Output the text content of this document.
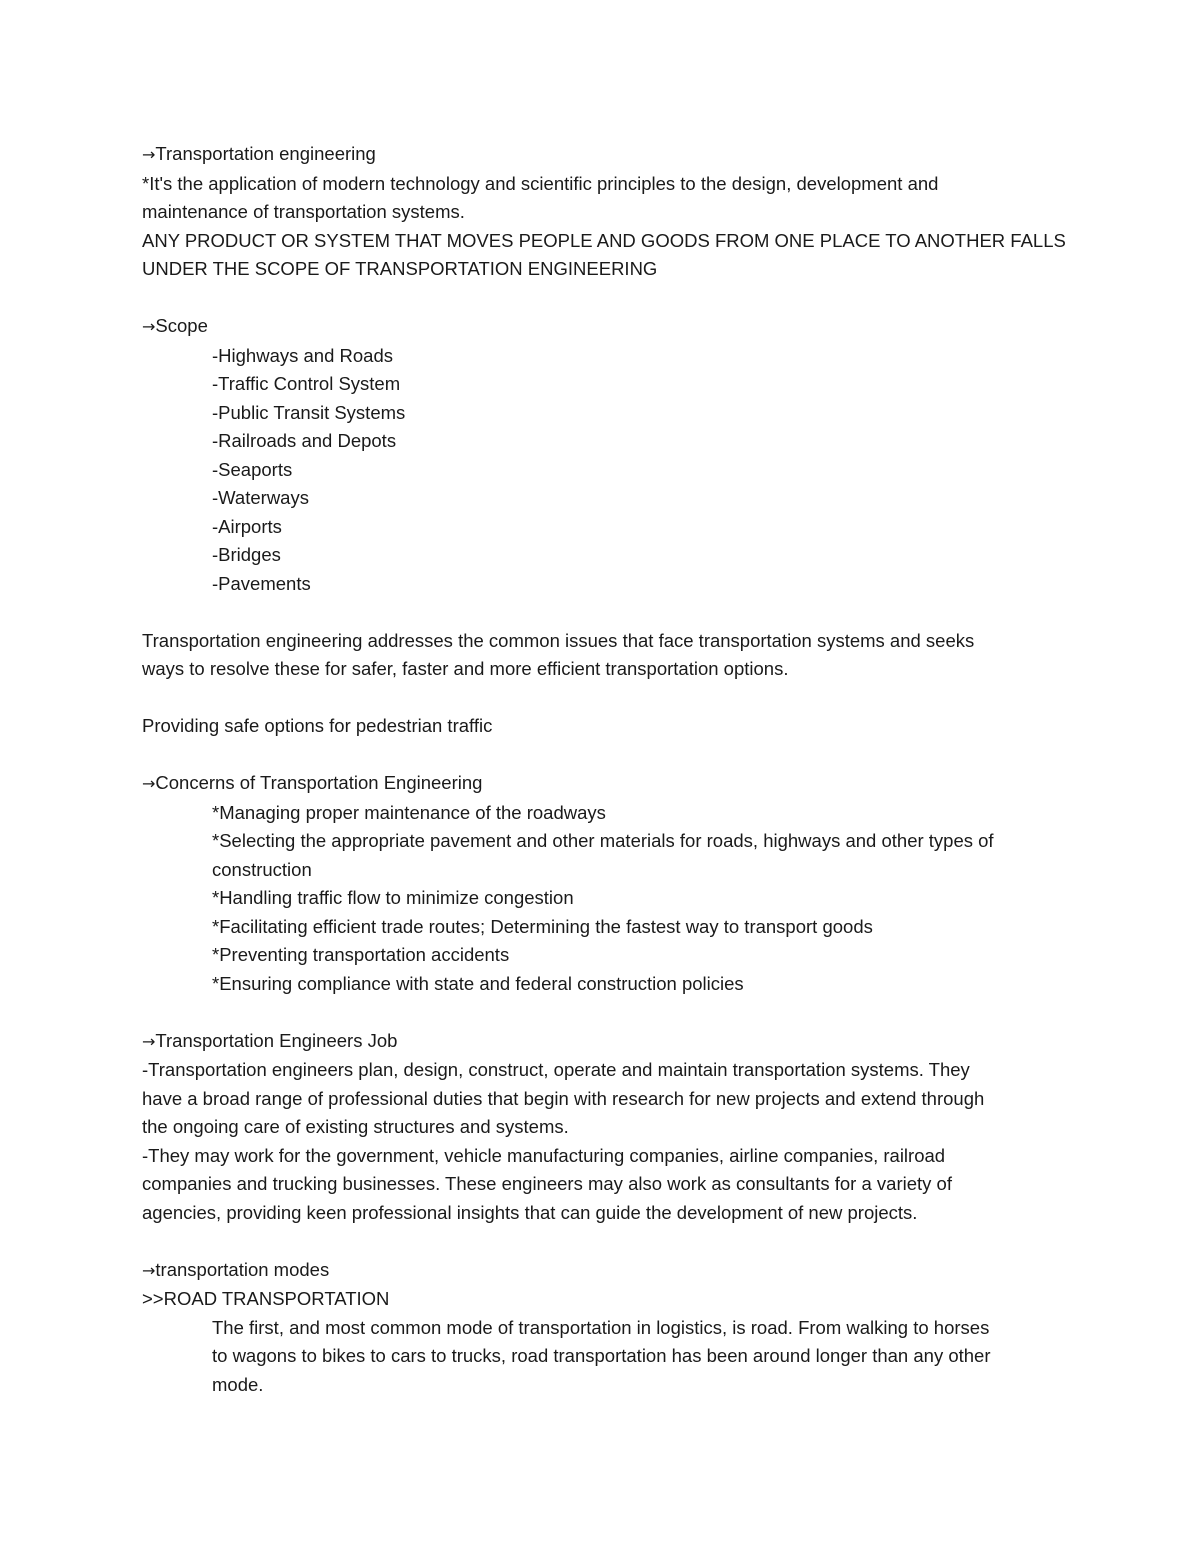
→Transportation engineering
*It's the application of modern technology and scientific principles to the design, development and
maintenance of transportation systems.
ANY PRODUCT OR SYSTEM THAT MOVES PEOPLE AND GOODS FROM ONE PLACE TO ANOTHER FALLS
UNDER THE SCOPE OF TRANSPORTATION ENGINEERING
→Scope
-Highways and Roads
-Traffic Control System
-Public Transit Systems
-Railroads and Depots
-Seaports
-Waterways
-Airports
-Bridges
-Pavements
Transportation engineering addresses the common issues that face transportation systems and seeks
ways to resolve these for safer, faster and more efficient transportation options.
Providing safe options for pedestrian traffic
→Concerns of Transportation Engineering
*Managing proper maintenance of the roadways
*Selecting the appropriate pavement and other materials for roads, highways and other types of
construction
*Handling traffic flow to minimize congestion
*Facilitating efficient trade routes; Determining the fastest way to transport goods
*Preventing transportation accidents
*Ensuring compliance with state and federal construction policies
→Transportation Engineers Job
-Transportation engineers plan, design, construct, operate and maintain transportation systems. They
have a broad range of professional duties that begin with research for new projects and extend through
the ongoing care of existing structures and systems.
-They may work for the government, vehicle manufacturing companies, airline companies, railroad
companies and trucking businesses. These engineers may also work as consultants for a variety of
agencies, providing keen professional insights that can guide the development of new projects.
→transportation modes
>>ROAD TRANSPORTATION
The first, and most common mode of transportation in logistics, is road. From walking to horses
to wagons to bikes to cars to trucks, road transportation has been around longer than any other
mode.
